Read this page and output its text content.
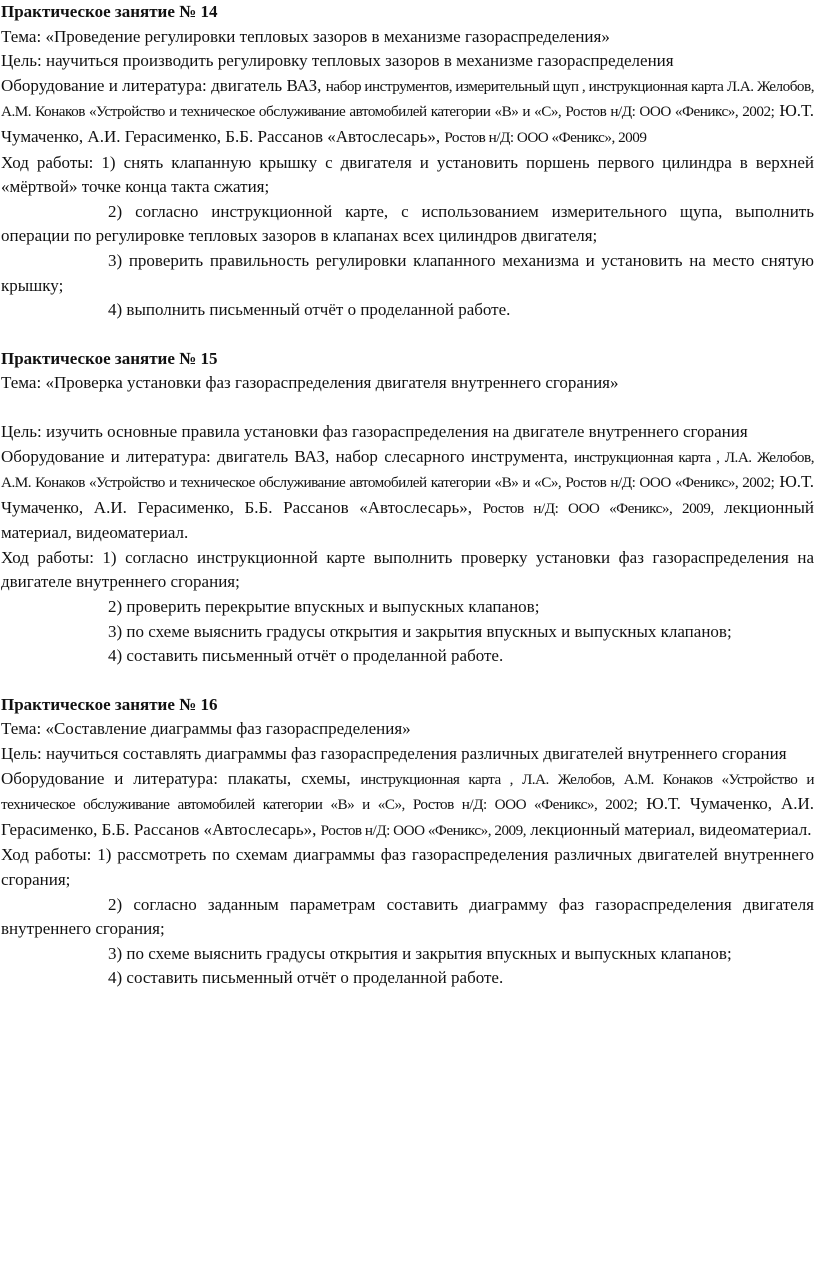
Практическое занятие № 14

Тема: «Проведение регулировки тепловых зазоров в механизме газораспределения»

Цель: научиться производить регулировку тепловых зазоров в механизме газораспределения

Оборудование и литература: двигатель ВАЗ, набор инструментов, измерительный щуп , инструкционная карта Л.А. Желобов, А.М. Конаков «Устройство и техническое обслуживание автомобилей категории «В» и «С», Ростов н/Д: ООО «Феникс», 2002; Ю.Т. Чумаченко, А.И. Герасименко, Б.Б. Рассанов «Автослесарь», Ростов н/Д: ООО «Феникс», 2009

Ход работы: 1) снять клапанную крышку с двигателя и установить поршень первого цилиндра в верхней «мёртвой» точке конца такта сжатия;

2) согласно инструкционной карте, с использованием измерительного щупа, выполнить операции по регулировке тепловых зазоров в клапанах всех цилиндров двигателя;

3) проверить правильность регулировки клапанного механизма и установить на место снятую крышку;

4) выполнить письменный отчёт о проделанной работе.

Практическое занятие № 15

Тема: «Проверка установки фаз газораспределения двигателя внутреннего сгорания»

Цель: изучить основные правила установки фаз газораспределения на двигателе внутреннего сгорания

Оборудование и литература: двигатель ВАЗ, набор слесарного инструмента, инструкционная карта , Л.А. Желобов, А.М. Конаков «Устройство и техническое обслуживание автомобилей категории «В» и «С», Ростов н/Д: ООО «Феникс», 2002; Ю.Т. Чумаченко, А.И. Герасименко, Б.Б. Рассанов «Автослесарь», Ростов н/Д: ООО «Феникс», 2009, лекционный материал, видеоматериал.

Ход работы: 1) согласно инструкционной карте выполнить проверку установки фаз газораспределения на двигателе внутреннего сгорания;

2) проверить перекрытие впускных и выпускных клапанов;

3) по схеме выяснить градусы открытия и закрытия впускных и выпускных клапанов;

4) составить письменный отчёт о проделанной работе.

Практическое занятие № 16

Тема: «Составление диаграммы фаз газораспределения»

Цель: научиться составлять диаграммы фаз газораспределения различных двигателей внутреннего сгорания

Оборудование и литература: плакаты, схемы, инструкционная карта , Л.А. Желобов, А.М. Конаков «Устройство и техническое обслуживание автомобилей категории «В» и «С», Ростов н/Д: ООО «Феникс», 2002; Ю.Т. Чумаченко, А.И. Герасименко, Б.Б. Рассанов «Автослесарь», Ростов н/Д: ООО «Феникс», 2009, лекционный материал, видеоматериал.

Ход работы: 1) рассмотреть по схемам диаграммы фаз газораспределения различных двигателей внутреннего сгорания;

2) согласно заданным параметрам составить диаграмму фаз газораспределения двигателя внутреннего сгорания;

3) по схеме выяснить градусы открытия и закрытия впускных и выпускных клапанов;

4) составить письменный отчёт о проделанной работе.
